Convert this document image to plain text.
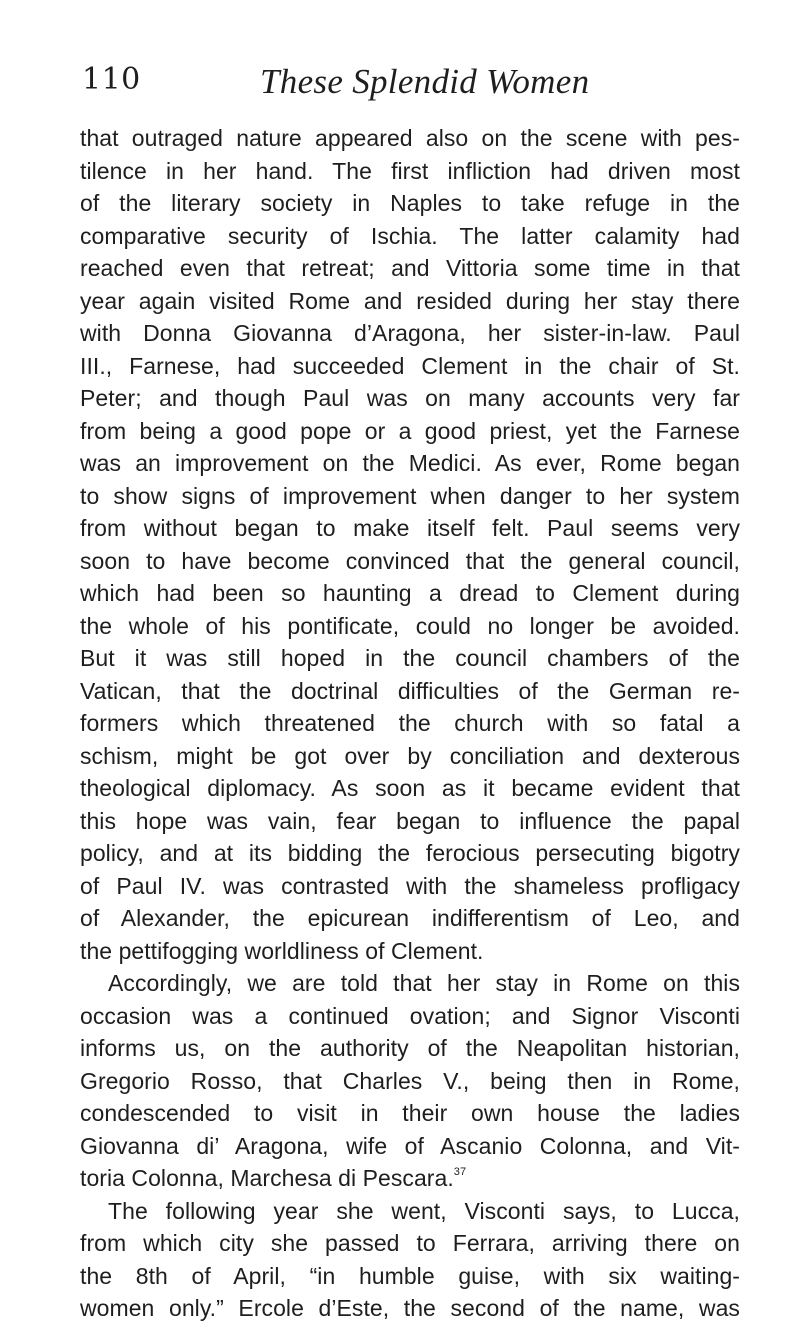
110	These Splendid Women
that outraged nature appeared also on the scene with pes-
tilence in her hand. The first infliction had driven most
of the literary society in Naples to take refuge in the
comparative security of Ischia. The latter calamity had
reached even that retreat; and Vittoria some time in that
year again visited Rome and resided during her stay there
with Donna Giovanna d’Aragona, her sister-in-law. Paul
III., Farnese, had succeeded Clement in the chair of St.
Peter; and though Paul was on many accounts very far
from being a good pope or a good priest, yet the Farnese
was an improvement on the Medici. As ever, Rome began
to show signs of improvement when danger to her system
from without began to make itself felt. Paul seems very
soon to have become convinced that the general council,
which had been so haunting a dread to Clement during
the whole of his pontificate, could no longer be avoided.
But it was still hoped in the council chambers of the
Vatican, that the doctrinal difficulties of the German re-
formers which threatened the church with so fatal a
schism, might be got over by conciliation and dexterous
theological diplomacy. As soon as it became evident that
this hope was vain, fear began to influence the papal
policy, and at its bidding the ferocious persecuting bigotry
of Paul IV. was contrasted with the shameless profligacy
of Alexander, the epicurean indifferentism of Leo, and
the pettifogging worldliness of Clement.
Accordingly, we are told that her stay in Rome on this
occasion was a continued ovation; and Signor Visconti
informs us, on the authority of the Neapolitan historian,
Gregorio Rosso, that Charles V., being then in Rome,
condescended to visit in their own house the ladies
Giovanna di’ Aragona, wife of Ascanio Colonna, and Vit-
toria Colonna, Marchesa di Pescara.$^{37}$
The following year she went, Visconti says, to Lucca,
from which city she passed to Ferrara, arriving there on
the 8th of April, “in humble guise, with six waiting-
women only.” Ercole d’Este, the second of the name, was
